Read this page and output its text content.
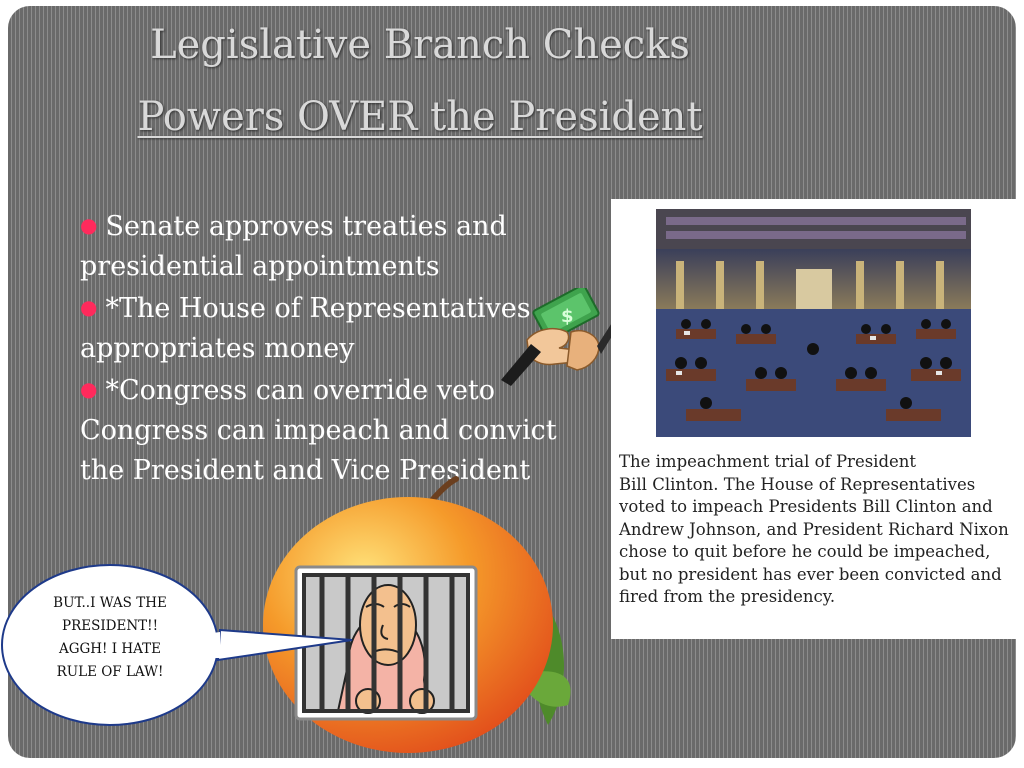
Legislative Branch Checks
Powers OVER the President

● Senate approves treaties and presidential appointments

● *The House of Representatives appropriates money

● *Congress can override veto

Congress can impeach and convict the President and Vice President

$
BUT..I WAS THE
PRESIDENT!!
AGGH! I HATE
RULE OF LAW!
The impeachment trial of President
Bill Clinton. The House of Representatives
voted to impeach Presidents Bill Clinton and
Andrew Johnson, and President Richard Nixon
chose to quit before he could be impeached,
but no president has ever been convicted and
fired from the presidency.
